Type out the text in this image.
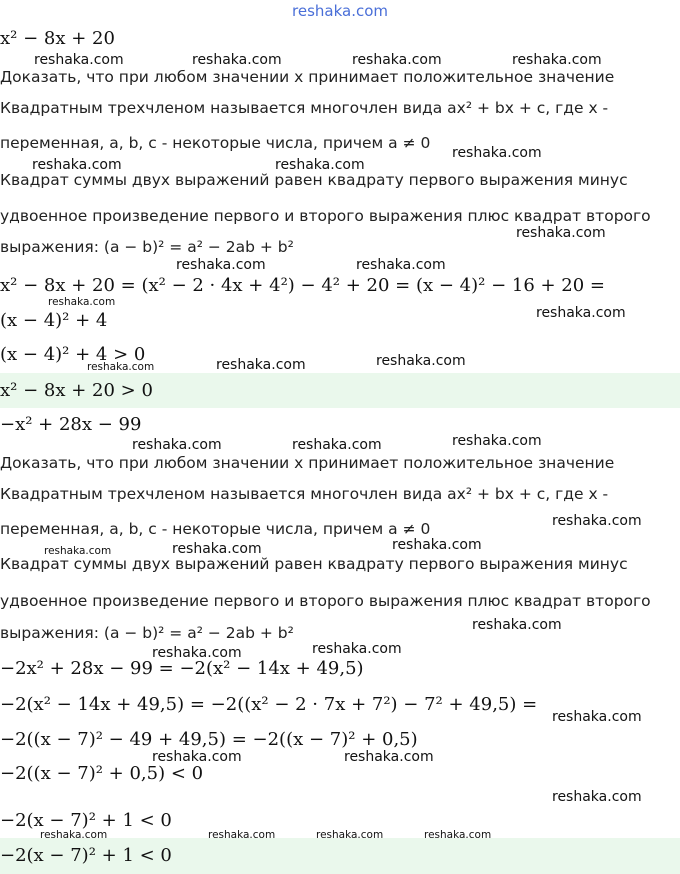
reshaka.com
x² − 8x + 20
Доказать, что при любом значении x принимает положительное значение
Квадратным трехчленом называется многочлен вида ax² + bx + c, где x -
переменная, a, b, c - некоторые числа, причем a ≠ 0
Квадрат суммы двух выражений равен квадрату первого выражения минус
удвоенное произведение первого и второго выражения плюс квадрат второго
выражения: (a − b)² = a² − 2ab + b²
x² − 8x + 20 = (x² − 2 · 4x + 4²) − 4² + 20 = (x − 4)² − 16 + 20 =
(x − 4)² + 4
(x − 4)² + 4 > 0
x² − 8x + 20 > 0
−x² + 28x − 99
Доказать, что при любом значении x принимает положительное значение
Квадратным трехчленом называется многочлен вида ax² + bx + c, где x -
переменная, a, b, c - некоторые числа, причем a ≠ 0
Квадрат суммы двух выражений равен квадрату первого выражения минус
удвоенное произведение первого и второго выражения плюс квадрат второго
выражения: (a − b)² = a² − 2ab + b²
−2x² + 28x − 99 = −2(x² − 14x + 49,5)
−2(x² − 14x + 49,5) = −2((x² − 2 · 7x + 7²) − 7² + 49,5) =
−2((x − 7)² − 49 + 49,5) = −2((x − 7)² + 0,5)
−2((x − 7)² + 0,5) < 0
−2(x − 7)² + 1 < 0
−2(x − 7)² + 1 < 0
reshaka.com	reshaka.com	reshaka.com	reshaka.com
reshaka.com
reshaka.com	reshaka.com
reshaka.com
reshaka.com	reshaka.com
reshaka.com
reshaka.com
reshaka.com	reshaka.com	reshaka.com
reshaka.com
reshaka.com	reshaka.com
reshaka.com
reshaka.com
reshaka.com	reshaka.com
reshaka.com
reshaka.com	reshaka.com
reshaka.com
reshaka.com	reshaka.com
reshaka.com
reshaka.com	reshaka.com	reshaka.com	reshaka.com
